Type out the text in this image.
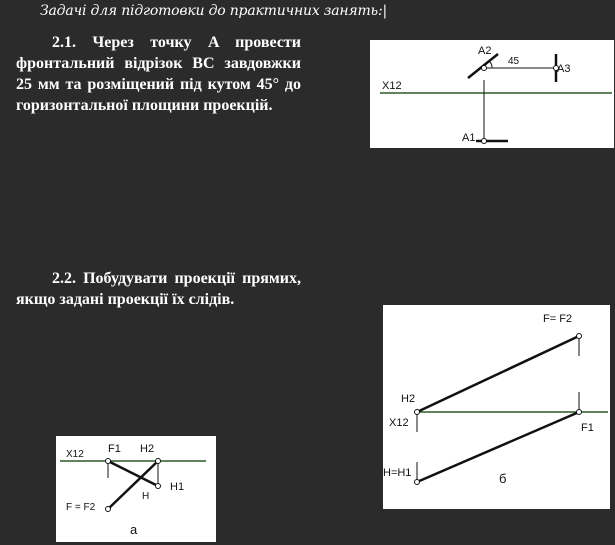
Задачі для підготовки до практичних занять:|
2.1. Через точку A провести фронтальний відрізок BC завдовжки 25 мм та розміщений під кутом 45° до горизонтальної площини проекцій.
2.2. Побудувати проекції прямих, якщо задані проекції їх слідів.
X12
A2
45
A3
A1
X12
F= F2
F1
H2
H=H1	б
X12 F1 H2
H1
H
F = F2
а
